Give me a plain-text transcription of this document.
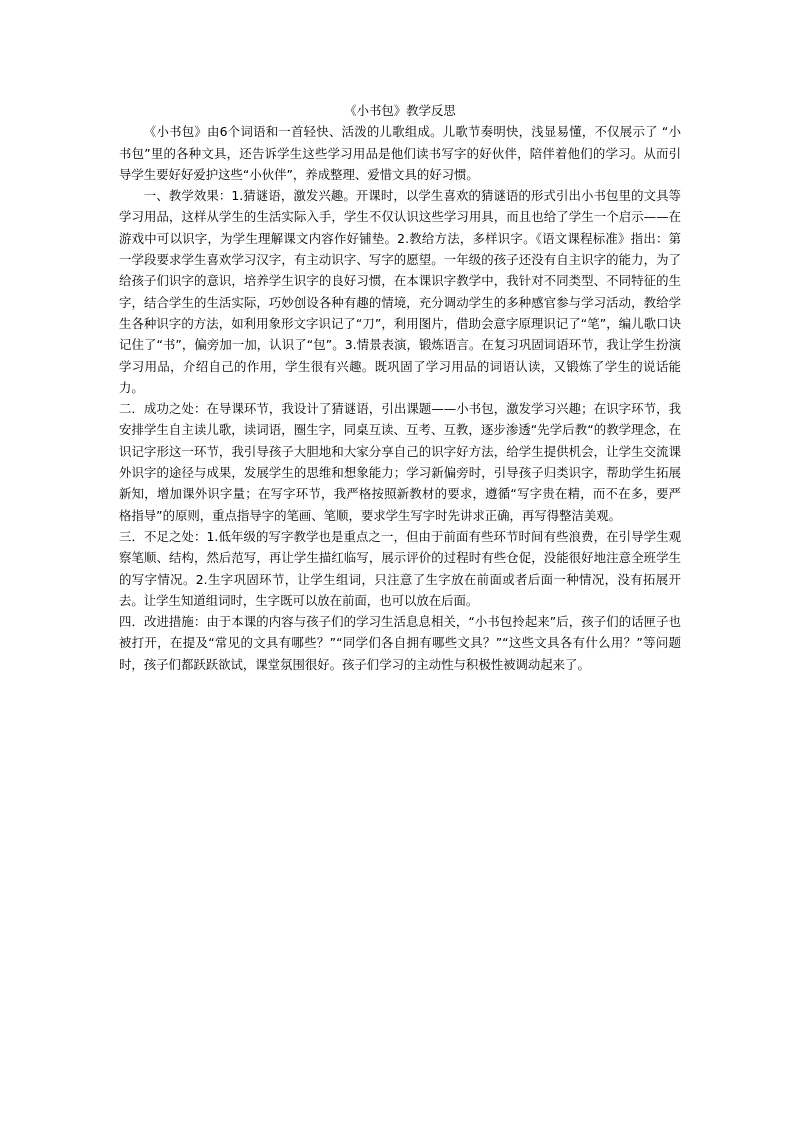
《小书包》教学反思

《小书包》由6个词语和一首轻快、活泼的儿歌组成。儿歌节奏明快，浅显易懂，不仅展示了 “小书包”里的各种文具，还告诉学生这些学习用品是他们读书写字的好伙伴，陪伴着他们的学习。从而引导学生要好好爱护这些“小伙伴”，养成整理、爱惜文具的好习惯。

一、教学效果：1.猜谜语，激发兴趣。开课时，以学生喜欢的猜谜语的形式引出小书包里的文具等学习用品，这样从学生的生活实际入手，学生不仅认识这些学习用具，而且也给了学生一个启示——在游戏中可以识字，为学生理解课文内容作好铺垫。2.教给方法，多样识字。《语文课程标准》指出：第一学段要求学生喜欢学习汉字，有主动识字、写字的愿望。一年级的孩子还没有自主识字的能力，为了给孩子们识字的意识，培养学生识字的良好习惯，在本课识字教学中，我针对不同类型、不同特征的生字，结合学生的生活实际，巧妙创设各种有趣的情境，充分调动学生的多种感官参与学习活动，教给学生各种识字的方法，如利用象形文字识记了“刀”，利用图片，借助会意字原理识记了“笔”，编儿歌口诀记住了“书”，偏旁加一加，认识了“包”。3.情景表演，锻炼语言。在复习巩固词语环节，我让学生扮演学习用品，介绍自己的作用，学生很有兴趣。既巩固了学习用品的词语认读，又锻炼了学生的说话能力。

二．成功之处：在导课环节，我设计了猜谜语，引出课题——小书包，激发学习兴趣；在识字环节，我安排学生自主读儿歌，读词语，圈生字，同桌互读、互考、互教，逐步渗透“先学后教“的教学理念，在识记字形这一环节，我引导孩子大胆地和大家分享自己的识字好方法，给学生提供机会，让学生交流课外识字的途径与成果，发展学生的思维和想象能力；学习新偏旁时，引导孩子归类识字，帮助学生拓展新知，增加课外识字量；在写字环节，我严格按照新教材的要求，遵循“写字贵在精，而不在多，要严格指导”的原则，重点指导字的笔画、笔顺，要求学生写字时先讲求正确，再写得整洁美观。

三．不足之处：1.低年级的写字教学也是重点之一，但由于前面有些环节时间有些浪费，在引导学生观察笔顺、结构，然后范写，再让学生描红临写，展示评价的过程时有些仓促，没能很好地注意全班学生的写字情况。2.生字巩固环节，让学生组词，只注意了生字放在前面或者后面一种情况，没有拓展开去。让学生知道组词时，生字既可以放在前面，也可以放在后面。

四．改进措施：由于本课的内容与孩子们的学习生活息息相关，“小书包拎起来”后，孩子们的话匣子也被打开，在提及“常见的文具有哪些？”“同学们各自拥有哪些文具？”“这些文具各有什么用？”等问题时，孩子们都跃跃欲试，课堂氛围很好。孩子们学习的主动性与积极性被调动起来了。
